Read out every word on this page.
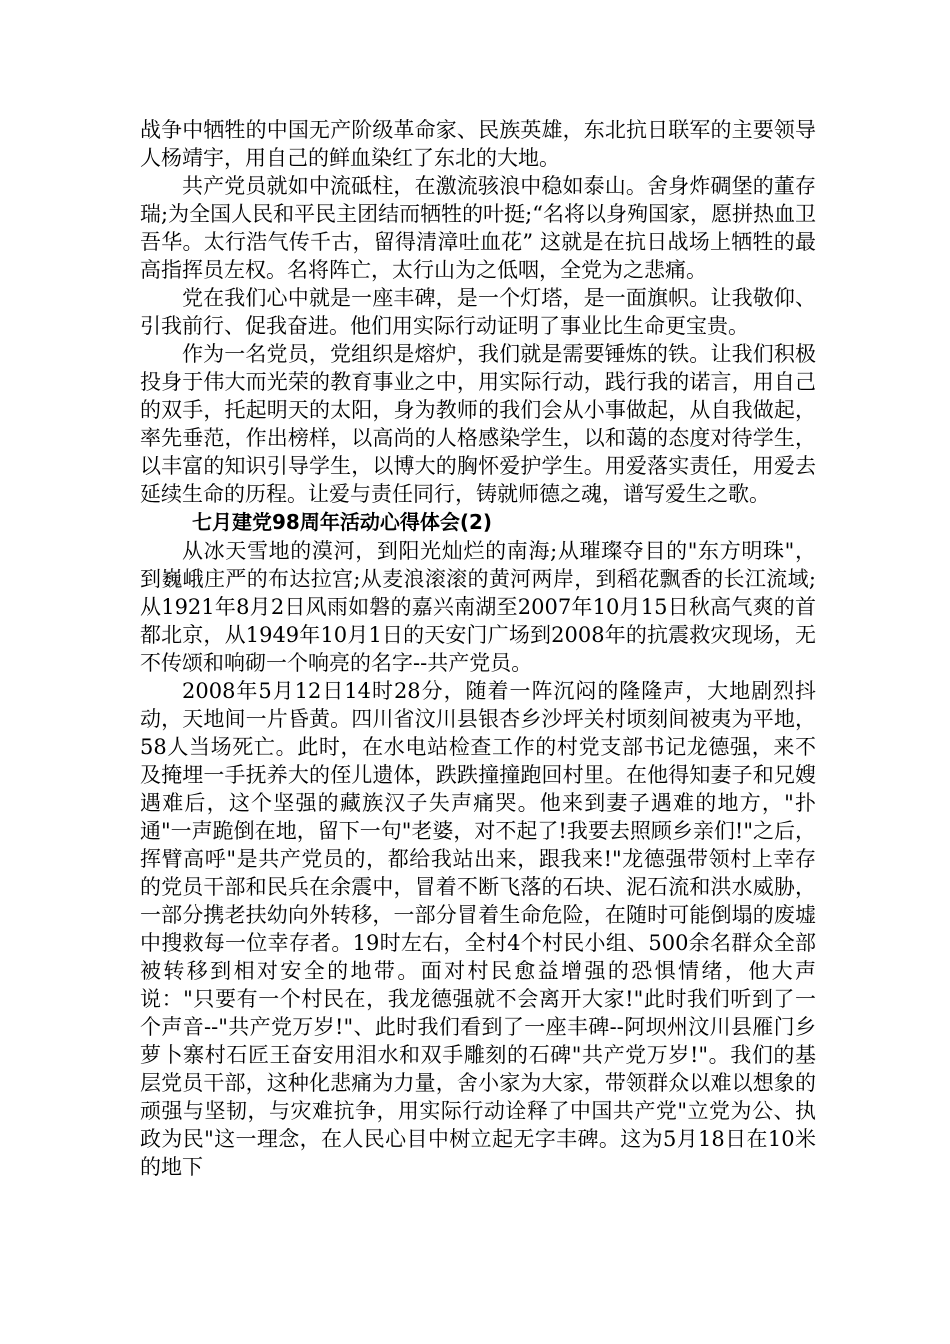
战争中牺牲的中国无产阶级革命家、民族英雄，东北抗日联军的主要领导人杨靖宇，用自己的鲜血染红了东北的大地。

共产党员就如中流砥柱，在激流骇浪中稳如泰山。舍身炸碉堡的董存瑞;为全国人民和平民主团结而牺牲的叶挺;“名将以身殉国家，愿拼热血卫吾华。太行浩气传千古，留得清漳吐血花” 这就是在抗日战场上牺牲的最高指挥员左权。名将阵亡，太行山为之低咽，全党为之悲痛。

党在我们心中就是一座丰碑，是一个灯塔，是一面旗帜。让我敬仰、引我前行、促我奋进。他们用实际行动证明了事业比生命更宝贵。

作为一名党员，党组织是熔炉，我们就是需要锤炼的铁。让我们积极投身于伟大而光荣的教育事业之中，用实际行动，践行我的诺言，用自己的双手，托起明天的太阳，身为教师的我们会从小事做起，从自我做起，率先垂范，作出榜样，以高尚的人格感染学生，以和蔼的态度对待学生，以丰富的知识引导学生，以博大的胸怀爱护学生。用爱落实责任，用爱去延续生命的历程。让爱与责任同行，铸就师德之魂，谱写爱生之歌。

七月建党98周年活动心得体会(2)

从冰天雪地的漠河，到阳光灿烂的南海;从璀璨夺目的"东方明珠"，到巍峨庄严的布达拉宫;从麦浪滚滚的黄河两岸，到稻花飘香的长江流域;从1921年8月2日风雨如磐的嘉兴南湖至2007年10月15日秋高气爽的首都北京，从1949年10月1日的天安门广场到2008年的抗震救灾现场，无不传颂和响砌一个响亮的名字--共产党员。

2008年5月12日14时28分，随着一阵沉闷的隆隆声，大地剧烈抖动，天地间一片昏黄。四川省汶川县银杏乡沙坪关村顷刻间被夷为平地，58人当场死亡。此时，在水电站检查工作的村党支部书记龙德强，来不及掩埋一手抚养大的侄儿遗体，跌跌撞撞跑回村里。在他得知妻子和兄嫂遇难后，这个坚强的藏族汉子失声痛哭。他来到妻子遇难的地方，"扑通"一声跪倒在地，留下一句"老婆，对不起了!我要去照顾乡亲们!"之后，挥臂高呼"是共产党员的，都给我站出来，跟我来!"龙德强带领村上幸存的党员干部和民兵在余震中，冒着不断飞落的石块、泥石流和洪水威胁，一部分携老扶幼向外转移，一部分冒着生命危险，在随时可能倒塌的废墟中搜救每一位幸存者。19时左右，全村4个村民小组、500余名群众全部被转移到相对安全的地带。面对村民愈益增强的恐惧情绪，他大声说："只要有一个村民在，我龙德强就不会离开大家!"此时我们听到了一个声音--"共产党万岁!"、此时我们看到了一座丰碑--阿坝州汶川县雁门乡萝卜寨村石匠王奋安用泪水和双手雕刻的石碑"共产党万岁!"。我们的基层党员干部，这种化悲痛为力量，舍小家为大家，带领群众以难以想象的顽强与坚韧，与灾难抗争，用实际行动诠释了中国共产党"立党为公、执政为民"这一理念，在人民心目中树立起无字丰碑。这为5月18日在10米的地下
